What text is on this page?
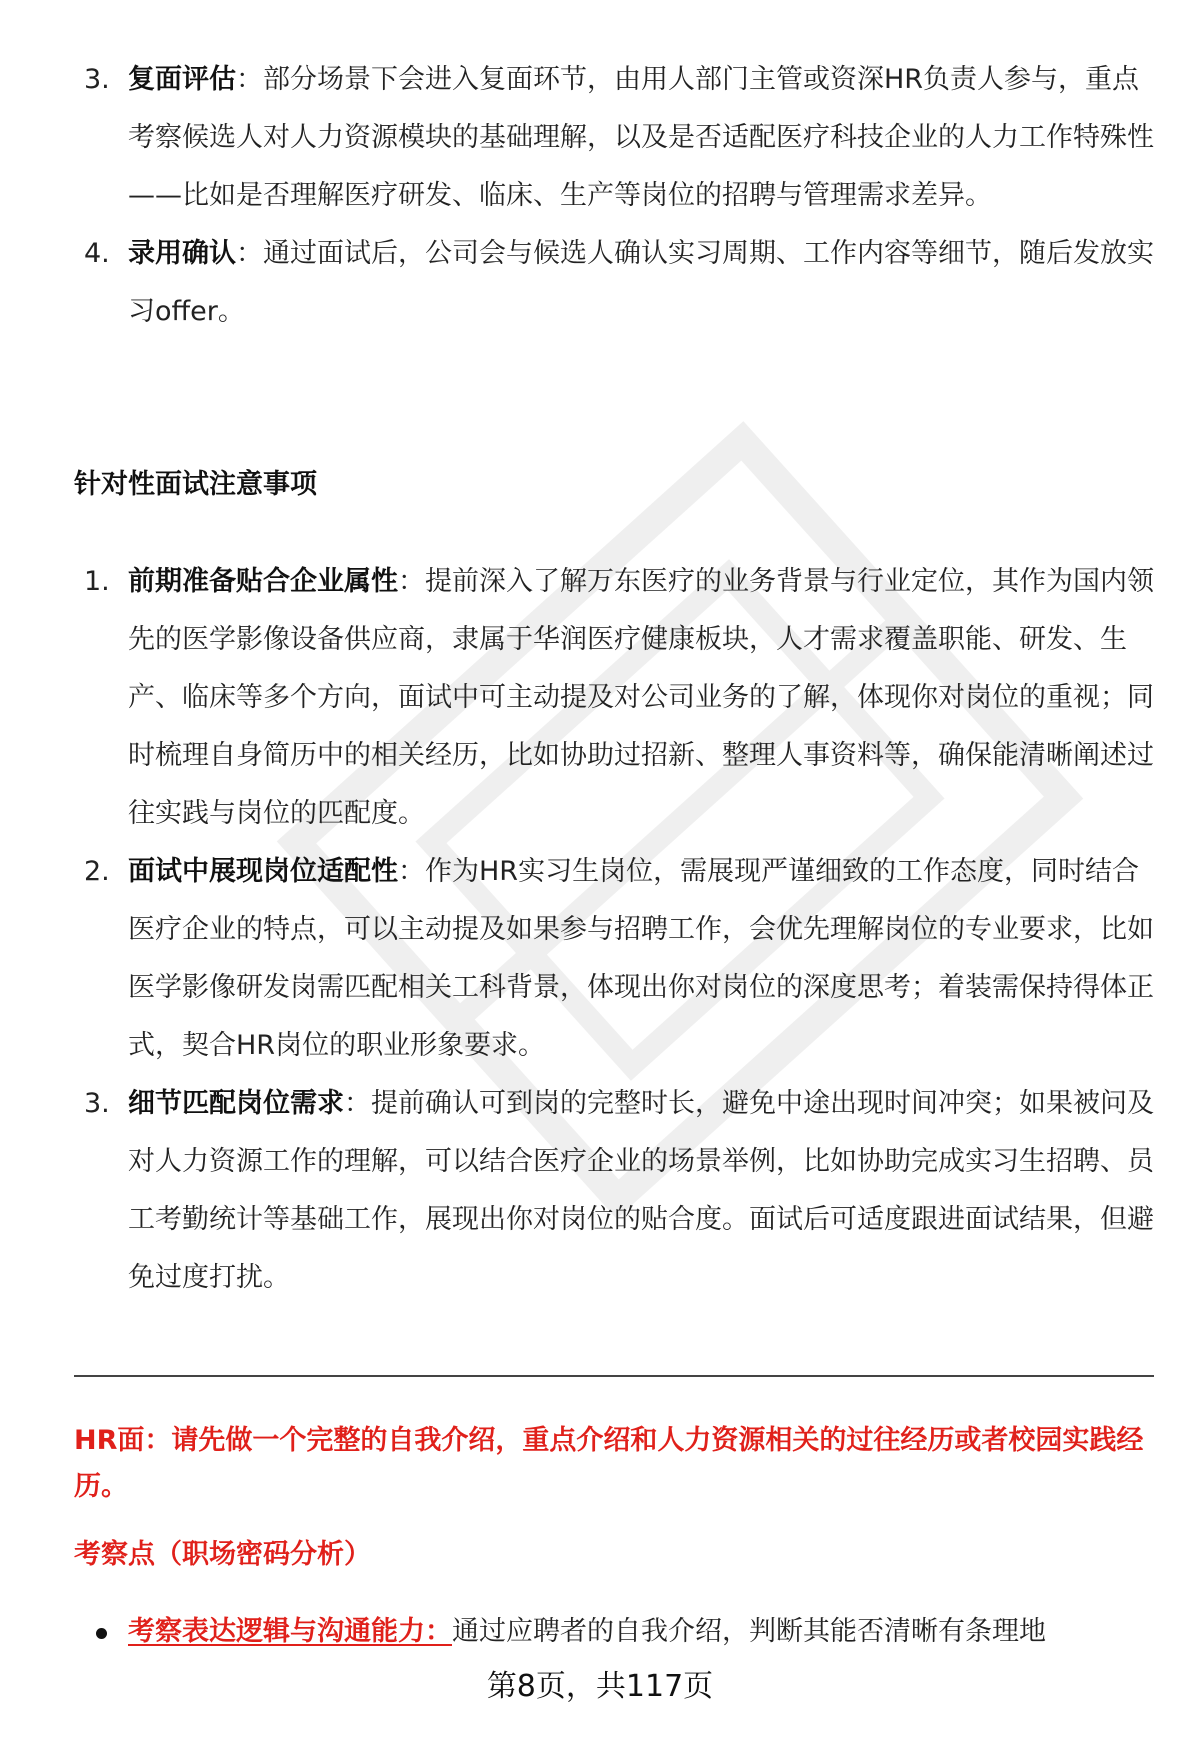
3. 复面评估：部分场景下会进入复面环节，由用人部门主管或资深HR负责人参与，重点考察候选人对人力资源模块的基础理解，以及是否适配医疗科技企业的人力工作特殊性——比如是否理解医疗研发、临床、生产等岗位的招聘与管理需求差异。
4. 录用确认：通过面试后，公司会与候选人确认实习周期、工作内容等细节，随后发放实习offer。
针对性面试注意事项
1. 前期准备贴合企业属性：提前深入了解万东医疗的业务背景与行业定位，其作为国内领先的医学影像设备供应商，隶属于华润医疗健康板块，人才需求覆盖职能、研发、生产、临床等多个方向，面试中可主动提及对公司业务的了解，体现你对岗位的重视；同时梳理自身简历中的相关经历，比如协助过招新、整理人事资料等，确保能清晰阐述过往实践与岗位的匹配度。
2. 面试中展现岗位适配性：作为HR实习生岗位，需展现严谨细致的工作态度，同时结合医疗企业的特点，可以主动提及如果参与招聘工作，会优先理解岗位的专业要求，比如医学影像研发岗需匹配相关工科背景，体现出你对岗位的深度思考；着装需保持得体正式，契合HR岗位的职业形象要求。
3. 细节匹配岗位需求：提前确认可到岗的完整时长，避免中途出现时间冲突；如果被问及对人力资源工作的理解，可以结合医疗企业的场景举例，比如协助完成实习生招聘、员工考勤统计等基础工作，展现出你对岗位的贴合度。面试后可适度跟进面试结果，但避免过度打扰。

HR面：请先做一个完整的自我介绍，重点介绍和人力资源相关的过往经历或者校园实践经历。

考察点（职场密码分析）

考察表达逻辑与沟通能力：通过应聘者的自我介绍，判断其能否清晰有条理地
第8页，共117页
